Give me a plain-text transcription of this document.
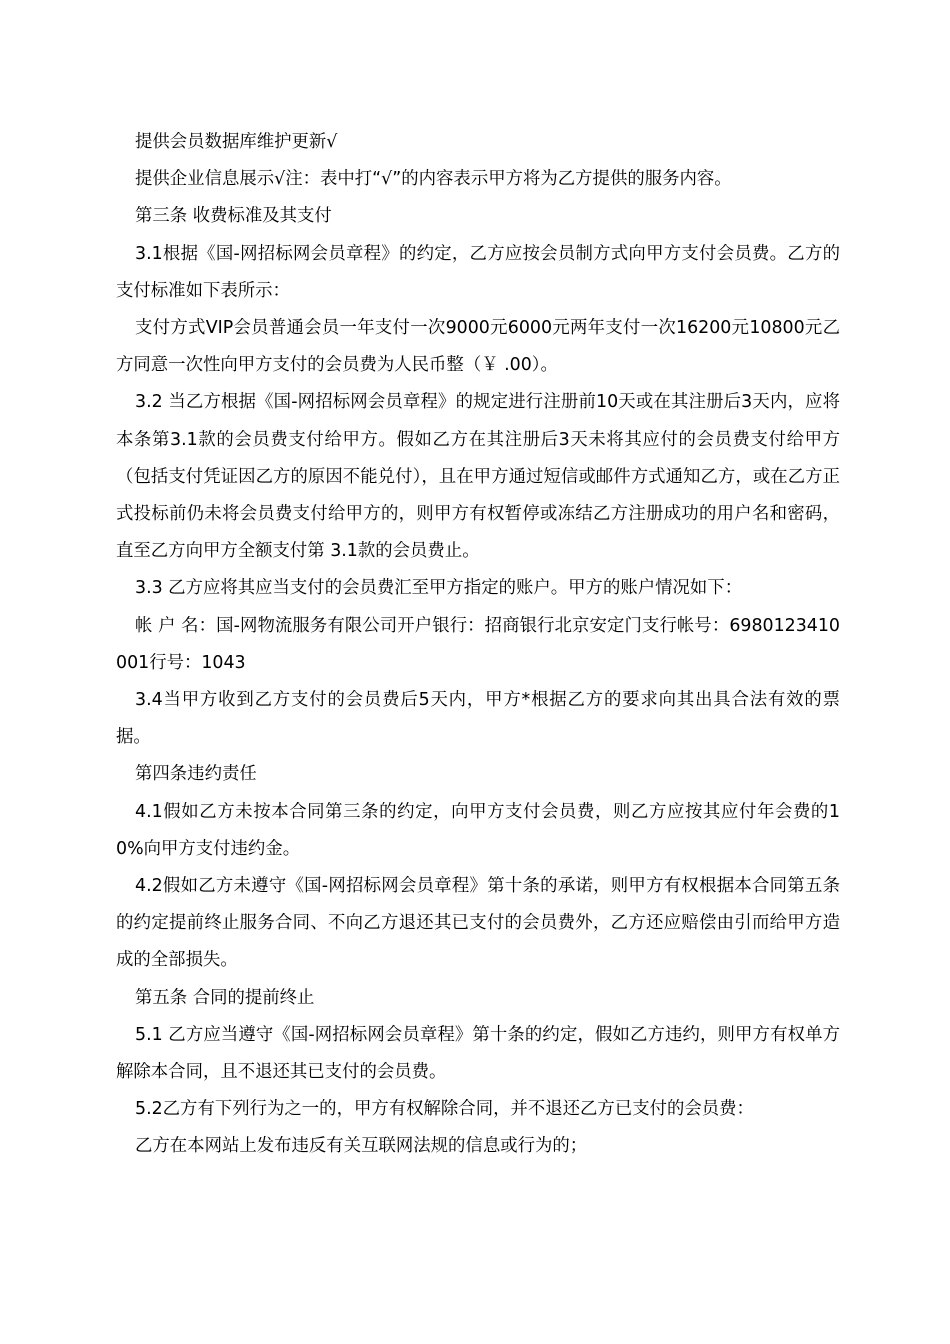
提供会员数据库维护更新√

提供企业信息展示√注：表中打“√”的内容表示甲方将为乙方提供的服务内容。

第三条 收费标准及其支付

3.1根据《国-网招标网会员章程》的约定，乙方应按会员制方式向甲方支付会员费。乙方的支付标准如下表所示：

支付方式VIP会员普通会员一年支付一次9000元6000元两年支付一次16200元10800元乙方同意一次性向甲方支付的会员费为人民币整（￥ .00）。

3.2 当乙方根据《国-网招标网会员章程》的规定进行注册前10天或在其注册后3天内，应将本条第3.1款的会员费支付给甲方。假如乙方在其注册后3天未将其应付的会员费支付给甲方（包括支付凭证因乙方的原因不能兑付），且在甲方通过短信或邮件方式通知乙方，或在乙方正式投标前仍未将会员费支付给甲方的，则甲方有权暂停或冻结乙方注册成功的用户名和密码，直至乙方向甲方全额支付第 3.1款的会员费止。

3.3 乙方应将其应当支付的会员费汇至甲方指定的账户。甲方的账户情况如下：

帐 户 名：国-网物流服务有限公司开户银行：招商银行北京安定门支行帐号：6980123410001行号：1043

3.4当甲方收到乙方支付的会员费后5天内，甲方*根据乙方的要求向其出具合法有效的票据。

第四条违约责任

4.1假如乙方未按本合同第三条的约定，向甲方支付会员费，则乙方应按其应付年会费的10%向甲方支付违约金。

4.2假如乙方未遵守《国-网招标网会员章程》第十条的承诺，则甲方有权根据本合同第五条的约定提前终止服务合同、不向乙方退还其已支付的会员费外，乙方还应赔偿由引而给甲方造成的全部损失。

第五条 合同的提前终止

5.1 乙方应当遵守《国-网招标网会员章程》第十条的约定，假如乙方违约，则甲方有权单方解除本合同，且不退还其已支付的会员费。

5.2乙方有下列行为之一的，甲方有权解除合同，并不退还乙方已支付的会员费：

乙方在本网站上发布违反有关互联网法规的信息或行为的；
